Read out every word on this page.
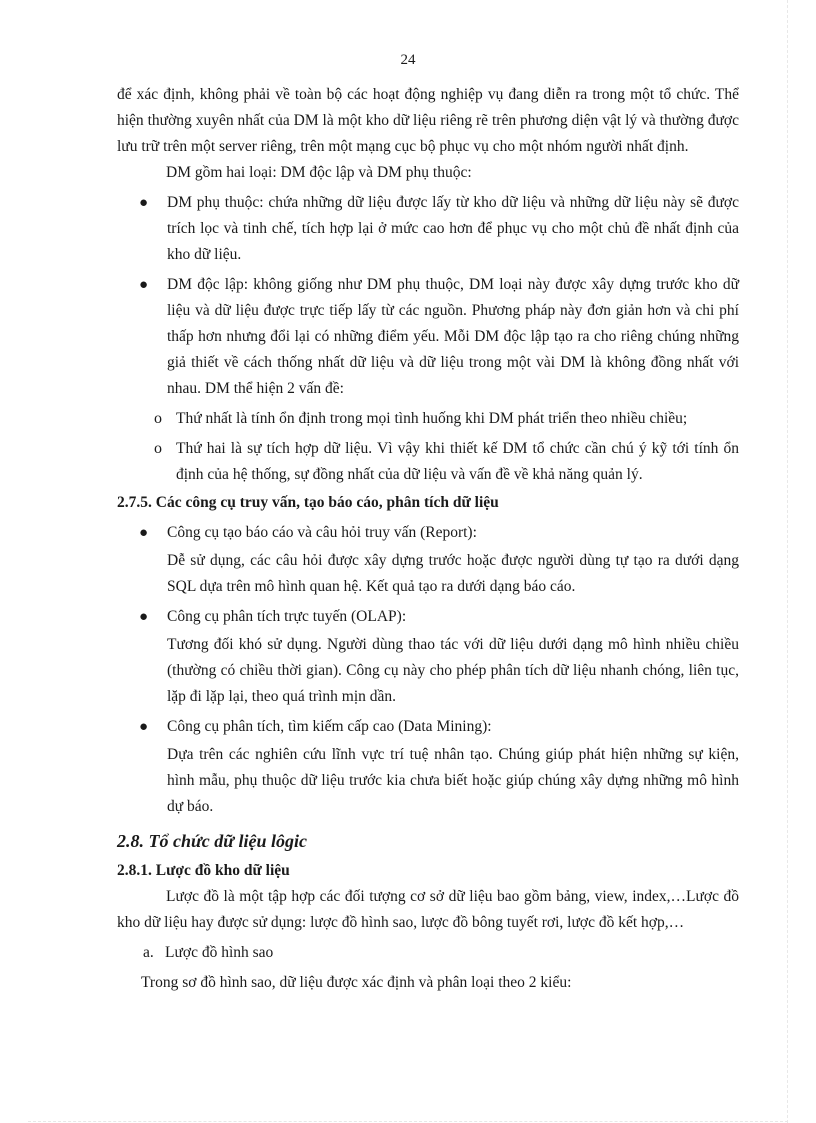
24

để xác định, không phải về toàn bộ các hoạt động nghiệp vụ đang diễn ra trong một tổ chức. Thể hiện thường xuyên nhất của DM là một kho dữ liệu riêng rẽ trên phương diện vật lý và thường được lưu trữ trên một server riêng, trên một mạng cục bộ phục vụ cho một nhóm người nhất định.

DM gồm hai loại: DM độc lập và DM phụ thuộc:

● DM phụ thuộc: chứa những dữ liệu được lấy từ kho dữ liệu và những dữ liệu này sẽ được trích lọc và tinh chế, tích hợp lại ở mức cao hơn để phục vụ cho một chủ đề nhất định của kho dữ liệu.
● DM độc lập: không giống như DM phụ thuộc, DM loại này được xây dựng trước kho dữ liệu và dữ liệu được trực tiếp lấy từ các nguồn. Phương pháp này đơn giản hơn và chi phí thấp hơn nhưng đổi lại có những điểm yếu. Mỗi DM độc lập tạo ra cho riêng chúng những giả thiết về cách thống nhất dữ liệu và dữ liệu trong một vài DM là không đồng nhất với nhau. DM thể hiện 2 vấn đề:
o Thứ nhất là tính ổn định trong mọi tình huống khi DM phát triển theo nhiều chiều;
o Thứ hai là sự tích hợp dữ liệu. Vì vậy khi thiết kế DM tổ chức cần chú ý kỹ tới tính ổn định của hệ thống, sự đồng nhất của dữ liệu và vấn đề về khả năng quản lý.

2.7.5. Các công cụ truy vấn, tạo báo cáo, phân tích dữ liệu

● Công cụ tạo báo cáo và câu hỏi truy vấn (Report):

Dễ sử dụng, các câu hỏi được xây dựng trước hoặc được người dùng tự tạo ra dưới dạng SQL dựa trên mô hình quan hệ. Kết quả tạo ra dưới dạng báo cáo.

● Công cụ phân tích trực tuyến (OLAP):

Tương đối khó sử dụng. Người dùng thao tác với dữ liệu dưới dạng mô hình nhiều chiều (thường có chiều thời gian). Công cụ này cho phép phân tích dữ liệu nhanh chóng, liên tục, lặp đi lặp lại, theo quá trình mịn dần.

● Công cụ phân tích, tìm kiếm cấp cao (Data Mining):

Dựa trên các nghiên cứu lĩnh vực trí tuệ nhân tạo. Chúng giúp phát hiện những sự kiện, hình mẫu, phụ thuộc dữ liệu trước kia chưa biết hoặc giúp chúng xây dựng những mô hình dự báo.

2.8. Tổ chức dữ liệu lôgic

2.8.1. Lược đồ kho dữ liệu

Lược đồ là một tập hợp các đối tượng cơ sở dữ liệu bao gồm bảng, view, index,…Lược đồ kho dữ liệu hay được sử dụng: lược đồ hình sao, lược đồ bông tuyết rơi, lược đồ kết hợp,…

a. Lược đồ hình sao

Trong sơ đồ hình sao, dữ liệu được xác định và phân loại theo 2 kiểu:
